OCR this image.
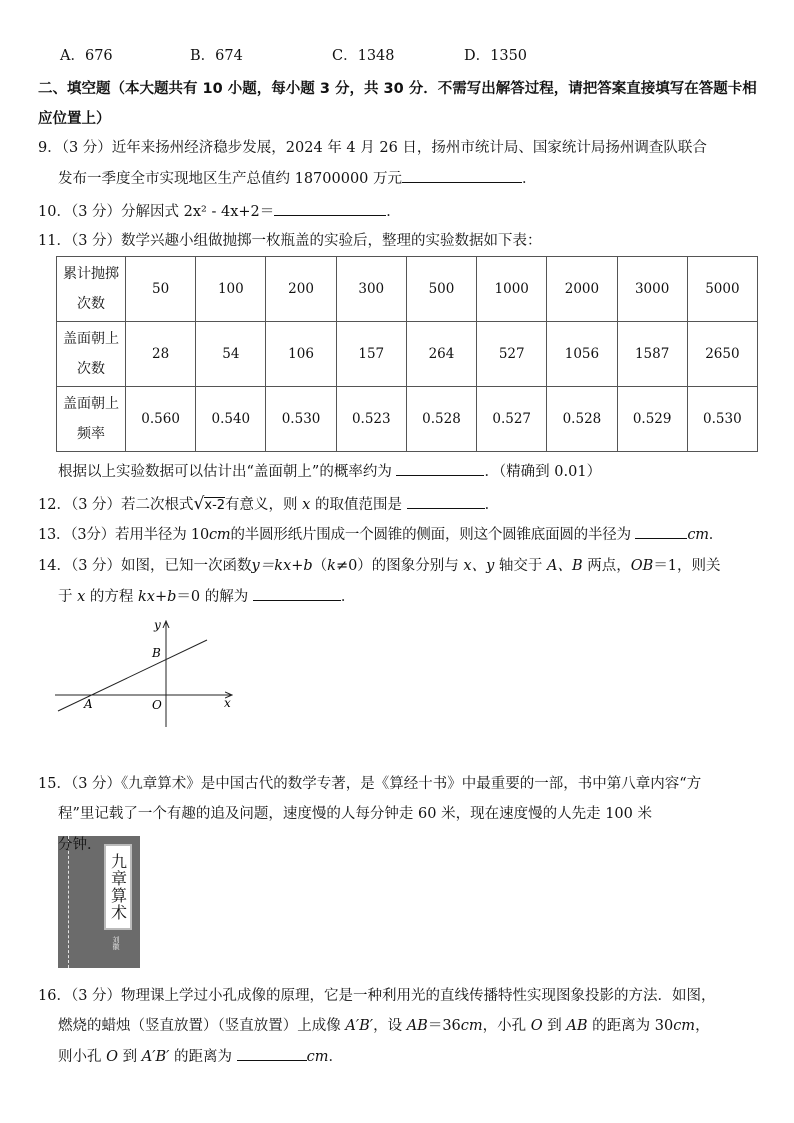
A．676	B．674	C．1348	D．1350
二、填空题（本大题共有 10 小题，每小题 3 分，共 30 分．不需写出解答过程，请把答案直接填写在答题卡相应位置上）
9．（3 分）近年来扬州经济稳步发展，2024 年 4 月 26 日，扬州市统计局、国家统计局扬州调查队联合
发布一季度全市实现地区生产总值约 18700000 万元	．
10．（3 分）分解因式 2x² - 4x+2＝	．
11．（3 分）数学兴趣小组做抛掷一枚瓶盖的实验后，整理的实验数据如下表：
累计抛掷次数	50	100	200	300	500	1000	2000	3000	5000
盖面朝上次数	28	54	106	157	264	527	1056	1587	2650
盖面朝上频率	0.560	0.540	0.530	0.523	0.528	0.527	0.528	0.529	0.530
根据以上实验数据可以估计出“盖面朝上”的概率约为	．（精确到 0.01）
12．（3 分）若二次根式√x-2有意义，则 x 的取值范围是	．
13．（3分）若用半径为 10cm的半圆形纸片围成一个圆锥的侧面，则这个圆锥底面圆的半径为	cm．
14．（3 分）如图，已知一次函数y＝kx+b（k≠0）的图象分别与 x、y 轴交于 A、B 两点，OB＝1，则关
于 x 的方程 kx+b＝0 的解为	．
y
x
B
A	O
15．（3 分）《九章算术》是中国古代的数学专著，是《算经十书》中最重要的一部，书中第八章内容“方
程”里记载了一个有趣的追及问题，速度慢的人每分钟走 60 米，现在速度慢的人先走 100 米
九章算术
刘徽
16．（3 分）物理课上学过小孔成像的原理，它是一种利用光的直线传播特性实现图象投影的方法．如图，
燃烧的蜡烛（竖直放置）（竖直放置）上成像 A′B′，设 AB＝36cm，小孔 O 到 AB 的距离为 30cm，
则小孔 O 到 A′B′ 的距离为	cm．
分钟．
